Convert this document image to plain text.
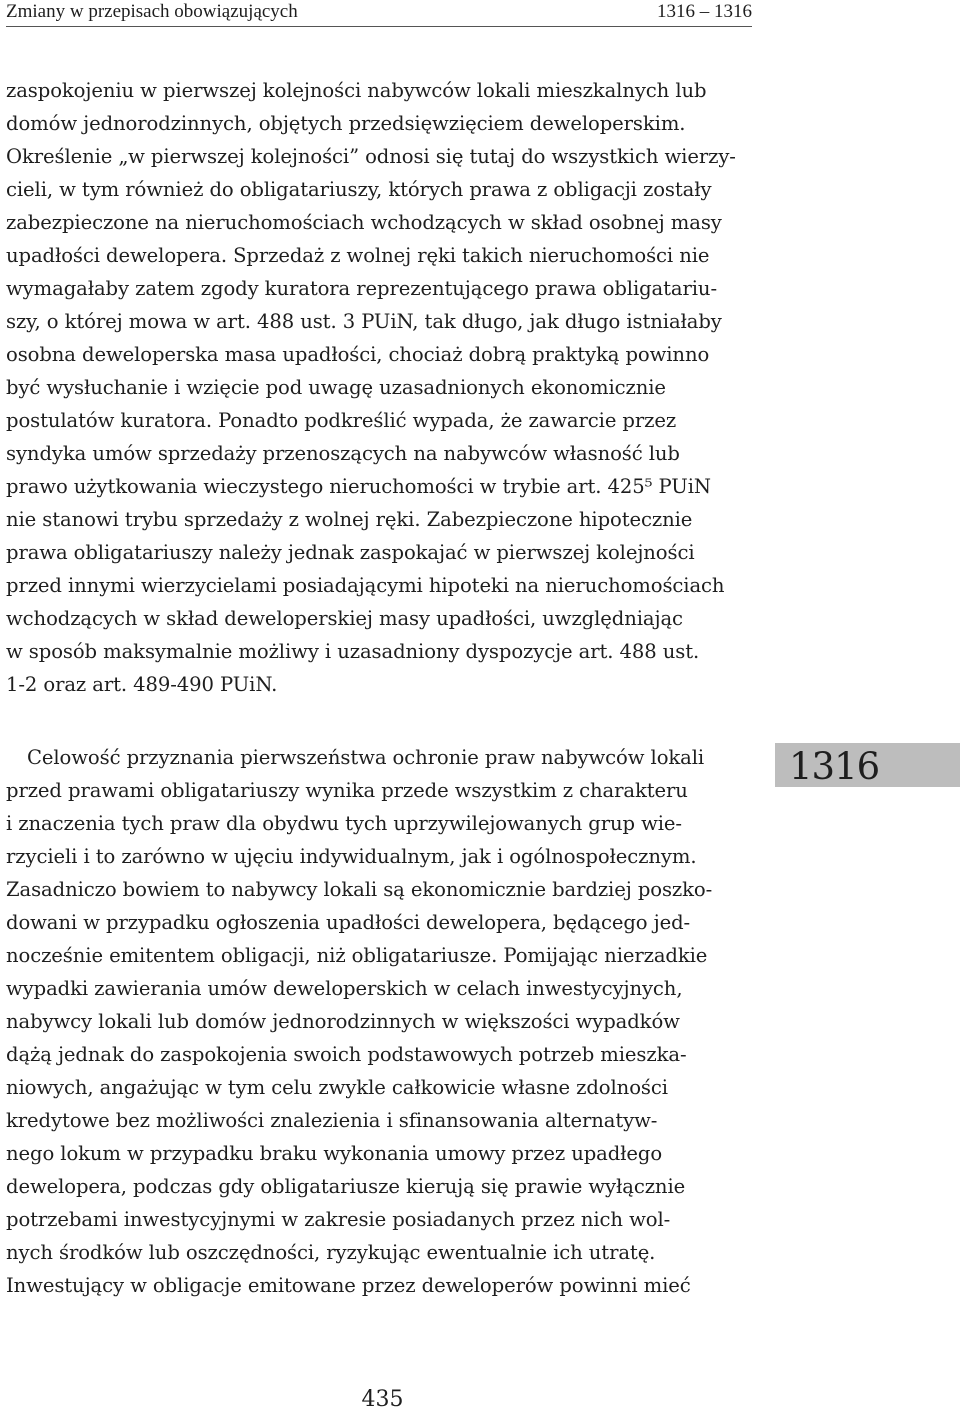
Zmiany w przepisach obowiązujących	1316 – 1316
zaspokojeniu w pierwszej kolejności nabywców lokali mieszkalnych lub
domów jednorodzinnych, objętych przedsięwzięciem deweloperskim.
Określenie „w pierwszej kolejności” odnosi się tutaj do wszystkich wierzy-
cieli, w tym również do obligatariuszy, których prawa z obligacji zostały
zabezpieczone na nieruchomościach wchodzących w skład osobnej masy
upadłości dewelopera. Sprzedaż z wolnej ręki takich nieruchomości nie
wymagałaby zatem zgody kuratora reprezentującego prawa obligatariu-
szy, o której mowa w art. 488 ust. 3 PUiN, tak długo, jak długo istniałaby
osobna deweloperska masa upadłości, chociaż dobrą praktyką powinno
być wysłuchanie i wzięcie pod uwagę uzasadnionych ekonomicznie
postulatów kuratora. Ponadto podkreślić wypada, że zawarcie przez
syndyka umów sprzedaży przenoszących na nabywców własność lub
prawo użytkowania wieczystego nieruchomości w trybie art. 425⁵ PUiN
nie stanowi trybu sprzedaży z wolnej ręki. Zabezpieczone hipotecznie
prawa obligatariuszy należy jednak zaspokajać w pierwszej kolejności
przed innymi wierzycielami posiadającymi hipoteki na nieruchomościach
wchodzących w skład deweloperskiej masy upadłości, uwzględniając
w sposób maksymalnie możliwy i uzasadniony dyspozycje art. 488 ust.
1-2 oraz art. 489-490 PUiN.
1316
Celowość przyznania pierwszeństwa ochronie praw nabywców lokali
przed prawami obligatariuszy wynika przede wszystkim z charakteru
i znaczenia tych praw dla obydwu tych uprzywilejowanych grup wie-
rzycieli i to zarówno w ujęciu indywidualnym, jak i ogólnospołecznym.
Zasadniczo bowiem to nabywcy lokali są ekonomicznie bardziej poszko-
dowani w przypadku ogłoszenia upadłości dewelopera, będącego jed-
nocześnie emitentem obligacji, niż obligatariusze. Pomijając nierzadkie
wypadki zawierania umów deweloperskich w celach inwestycyjnych,
nabywcy lokali lub domów jednorodzinnych w większości wypadków
dążą jednak do zaspokojenia swoich podstawowych potrzeb mieszka-
niowych, angażując w tym celu zwykle całkowicie własne zdolności
kredytowe bez możliwości znalezienia i sfinansowania alternatyw-
nego lokum w przypadku braku wykonania umowy przez upadłego
dewelopera, podczas gdy obligatariusze kierują się prawie wyłącznie
potrzebami inwestycyjnymi w zakresie posiadanych przez nich wol-
nych środków lub oszczędności, ryzykując ewentualnie ich utratę.
Inwestujący w obligacje emitowane przez deweloperów powinni mieć
435
